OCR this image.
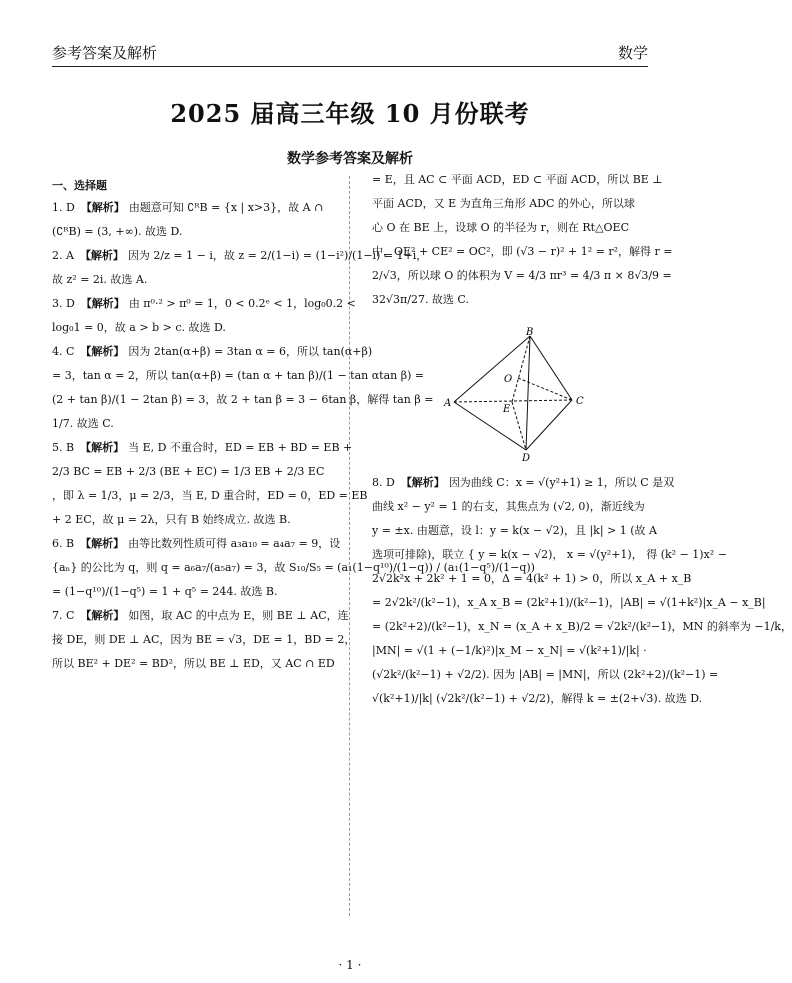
参考答案及解析	数学
2025 届高三年级 10 月份联考
数学参考答案及解析
一、选择题
1. D 【解析】 由题意可知 ∁ᴿB = {x | x>3}，故 A ∩
(∁ᴿB) = (3, +∞). 故选 D.
2. A 【解析】 因为 2/z = 1 − i，故 z = 2/(1−i) = (1−i²)/(1−i) = 1+i，
故 z² = 2i. 故选 A.
3. D 【解析】 由 π⁰·² > π⁰ = 1，0 < 0.2ᵉ < 1，log₀0.2 <
log₀1 = 0，故 a > b > c. 故选 D.
4. C 【解析】 因为 2tan(α+β) = 3tan α = 6，所以 tan(α+β)
= 3，tan α = 2，所以 tan(α+β) = (tan α + tan β)/(1 − tan αtan β) =
(2 + tan β)/(1 − 2tan β) = 3，故 2 + tan β = 3 − 6tan β，解得 tan β =
1/7. 故选 C.
5. B 【解析】 当 E, D 不重合时，ED = EB + BD = EB +
2/3 BC = EB + 2/3 (BE + EC) = 1/3 EB + 2/3 EC
，即 λ = 1/3，μ = 2/3，当 E, D 重合时，ED = 0，ED = EB
+ 2 EC，故 μ = 2λ，只有 B 始终成立. 故选 B.
6. B 【解析】 由等比数列性质可得 a₃a₁₀ = a₄a₇ = 9，设
{aₙ} 的公比为 q，则 q = a₆a₇/(a₅a₇) = 3，故 S₁₀/S₅ = (a₁(1−q¹⁰)/(1−q)) / (a₁(1−q⁵)/(1−q))
= (1−q¹⁰)/(1−q⁵) = 1 + q⁵ = 244. 故选 B.
7. C 【解析】 如图，取 AC 的中点为 E，则 BE ⊥ AC，连
接 DE，则 DE ⊥ AC，因为 BE = √3，DE = 1，BD = 2，
所以 BE² + DE² = BD²，所以 BE ⊥ ED，又 AC ∩ ED
= E，且 AC ⊂ 平面 ACD，ED ⊂ 平面 ACD，所以 BE ⊥
平面 ACD，又 E 为直角三角形 ADC 的外心，所以球
心 O 在 BE 上，设球 O 的半径为 r，则在 Rt△OEC
中，OE² + CE² = OC²，即 (√3 − r)² + 1² = r²，解得 r =
2/√3，所以球 O 的体积为 V = 4/3 πr³ = 4/3 π × 8√3/9 =
32√3π/27. 故选 C.
B
O
A
E
C
D
8. D 【解析】 因为曲线 C：x = √(y²+1) ≥ 1，所以 C 是双
曲线 x² − y² = 1 的右支，其焦点为 (√2, 0)，渐近线为
y = ±x. 由题意，设 l：y = k(x − √2)，且 |k| > 1 (故 A
选项可排除)，联立 { y = k(x − √2)， x = √(y²+1)， 得 (k² − 1)x² −
2√2k²x + 2k² + 1 = 0，Δ = 4(k² + 1) > 0，所以 x_A + x_B
= 2√2k²/(k²−1)，x_A x_B = (2k²+1)/(k²−1)，|AB| = √(1+k²)|x_A − x_B|
= (2k²+2)/(k²−1)，x_N = (x_A + x_B)/2 = √2k²/(k²−1)，MN 的斜率为 −1/k，
|MN| = √(1 + (−1/k)²)|x_M − x_N| = √(k²+1)/|k| ·
(√2k²/(k²−1) + √2/2). 因为 |AB| = |MN|，所以 (2k²+2)/(k²−1) =
√(k²+1)/|k| (√2k²/(k²−1) + √2/2)，解得 k = ±(2+√3). 故选 D.
· 1 ·
